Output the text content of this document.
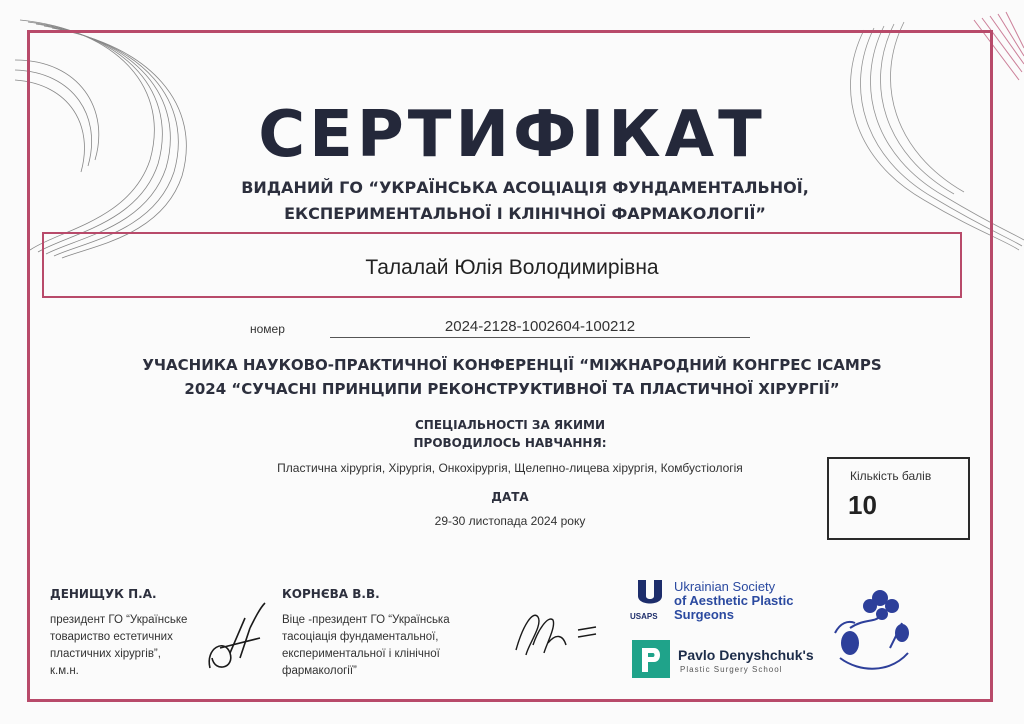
СЕРТИФІКАТ
ВИДАНИЙ ГО “УКРАЇНСЬКА АСОЦІАЦІЯ ФУНДАМЕНТАЛЬНОЇ,
ЕКСПЕРИМЕНТАЛЬНОЇ І КЛІНІЧНОЇ ФАРМАКОЛОГІЇ”
Талалай Юлія Володимирівна
номер	2024-2128-1002604-100212
УЧАСНИКА НАУКОВО-ПРАКТИЧНОЇ КОНФЕРЕНЦІЇ “МІЖНАРОДНИЙ КОНГРЕС ICAMPS
2024 “СУЧАСНІ ПРИНЦИПИ РЕКОНСТРУКТИВНОЇ ТА ПЛАСТИЧНОЇ ХІРУРГІЇ”
СПЕЦІАЛЬНОСТІ ЗА ЯКИМИ
ПРОВОДИЛОСЬ НАВЧАННЯ:
Пластична хірургія, Хірургія, Онкохірургія, Щелепно-лицева хірургія, Комбустіологія
ДАТА
29-30 листопада 2024 року
Кількість балів
10
ДЕНИЩУК П.А.
президент ГО “Українське
товариство естетичних
пластичних хірургів”,
к.м.н.
КОРНЄВА В.В.
Віце -президент ГО “Українська
тасоціація фундаментальної,
експериментальної і клінічної
фармакології”
USAPS
Ukrainian Society
of Aesthetic Plastic
Surgeons
Pavlo Denyshchuk's
Plastic Surgery School
